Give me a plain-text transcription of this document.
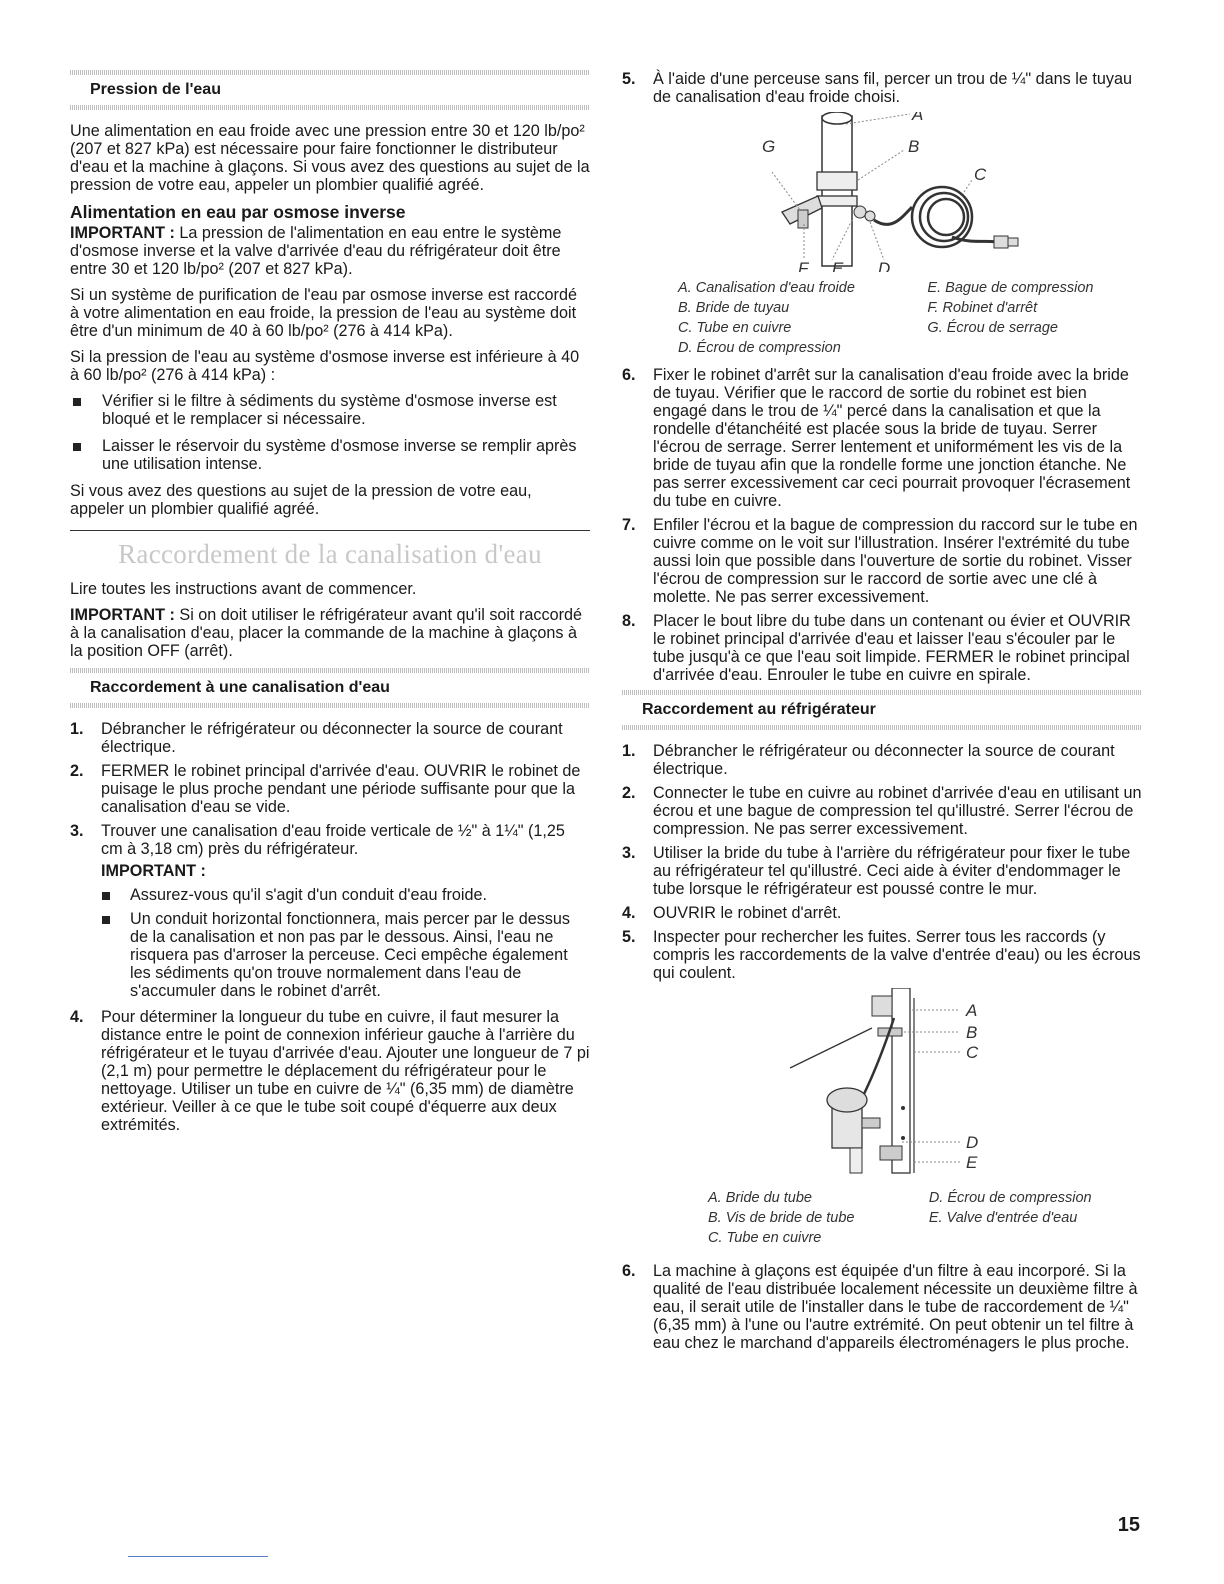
Pression de l'eau

Une alimentation en eau froide avec une pression entre 30 et 120 lb/po² (207 et 827 kPa) est nécessaire pour faire fonctionner le distributeur d'eau et la machine à glaçons. Si vous avez des questions au sujet de la pression de votre eau, appeler un plombier qualifié agréé.

Alimentation en eau par osmose inverse

IMPORTANT : La pression de l'alimentation en eau entre le système d'osmose inverse et la valve d'arrivée d'eau du réfrigérateur doit être entre 30 et 120 lb/po² (207 et 827 kPa).

Si un système de purification de l'eau par osmose inverse est raccordé à votre alimentation en eau froide, la pression de l'eau au système doit être d'un minimum de 40 à 60 lb/po² (276 à 414 kPa).

Si la pression de l'eau au système d'osmose inverse est inférieure à 40 à 60 lb/po² (276 à 414 kPa) :

Vérifier si le filtre à sédiments du système d'osmose inverse est bloqué et le remplacer si nécessaire.
Laisser le réservoir du système d'osmose inverse se remplir après une utilisation intense.

Si vous avez des questions au sujet de la pression de votre eau, appeler un plombier qualifié agréé.

Raccordement de la canalisation d'eau

Lire toutes les instructions avant de commencer.

IMPORTANT : Si on doit utiliser le réfrigérateur avant qu'il soit raccordé à la canalisation d'eau, placer la commande de la machine à glaçons à la position OFF (arrêt).

Raccordement à une canalisation d'eau
1. Débrancher le réfrigérateur ou déconnecter la source de courant électrique.
2. FERMER le robinet principal d'arrivée d'eau. OUVRIR le robinet de puisage le plus proche pendant une période suffisante pour que la canalisation d'eau se vide.
3. Trouver une canalisation d'eau froide verticale de ½" à 1¼" (1,25 cm à 3,18 cm) près du réfrigérateur.
IMPORTANT :
Assurez-vous qu'il s'agit d'un conduit d'eau froide.
Un conduit horizontal fonctionnera, mais percer par le dessus de la canalisation et non pas par le dessous. Ainsi, l'eau ne risquera pas d'arroser la perceuse. Ceci empêche également les sédiments qu'on trouve normalement dans l'eau de s'accumuler dans le robinet d'arrêt.
4. Pour déterminer la longueur du tube en cuivre, il faut mesurer la distance entre le point de connexion inférieur gauche à l'arrière du réfrigérateur et le tuyau d'arrivée d'eau. Ajouter une longueur de 7 pi (2,1 m) pour permettre le déplacement du réfrigérateur pour le nettoyage. Utiliser un tube en cuivre de ¼" (6,35 mm) de diamètre extérieur. Veiller à ce que le tube soit coupé d'équerre aux deux extrémités.
5. À l'aide d'une perceuse sans fil, percer un trou de ¼" dans le tuyau de canalisation d'eau froide choisi.
A
B
C
G
F E D
A. Canalisation d'eau froide
B. Bride de tuyau
C. Tube en cuivre
D. Écrou de compression
E. Bague de compression
F. Robinet d'arrêt
G. Écrou de serrage
6. Fixer le robinet d'arrêt sur la canalisation d'eau froide avec la bride de tuyau. Vérifier que le raccord de sortie du robinet est bien engagé dans le trou de ¼" percé dans la canalisation et que la rondelle d'étanchéité est placée sous la bride de tuyau. Serrer l'écrou de serrage. Serrer lentement et uniformément les vis de la bride de tuyau afin que la rondelle forme une jonction étanche. Ne pas serrer excessivement car ceci pourrait provoquer l'écrasement du tube en cuivre.
7. Enfiler l'écrou et la bague de compression du raccord sur le tube en cuivre comme on le voit sur l'illustration. Insérer l'extrémité du tube aussi loin que possible dans l'ouverture de sortie du robinet. Visser l'écrou de compression sur le raccord de sortie avec une clé à molette. Ne pas serrer excessivement.
8. Placer le bout libre du tube dans un contenant ou évier et OUVRIR le robinet principal d'arrivée d'eau et laisser l'eau s'écouler par le tube jusqu'à ce que l'eau soit limpide. FERMER le robinet principal d'arrivée d'eau. Enrouler le tube en cuivre en spirale.
Raccordement au réfrigérateur
1. Débrancher le réfrigérateur ou déconnecter la source de courant électrique.
2. Connecter le tube en cuivre au robinet d'arrivée d'eau en utilisant un écrou et une bague de compression tel qu'illustré. Serrer l'écrou de compression. Ne pas serrer excessivement.
3. Utiliser la bride du tube à l'arrière du réfrigérateur pour fixer le tube au réfrigérateur tel qu'illustré. Ceci aide à éviter d'endommager le tube lorsque le réfrigérateur est poussé contre le mur.
4. OUVRIR le robinet d'arrêt.
5. Inspecter pour rechercher les fuites. Serrer tous les raccords (y compris les raccordements de la valve d'entrée d'eau) ou les écrous qui coulent.
A
B
C
D
E
A. Bride du tube
B. Vis de bride de tube
C. Tube en cuivre
D. Écrou de compression
E. Valve d'entrée d'eau
6. La machine à glaçons est équipée d'un filtre à eau incorporé. Si la qualité de l'eau distribuée localement nécessite un deuxième filtre à eau, il serait utile de l'installer dans le tube de raccordement de ¼" (6,35 mm) à l'une ou l'autre extrémité. On peut obtenir un tel filtre à eau chez le marchand d'appareils électroménagers le plus proche.
15
